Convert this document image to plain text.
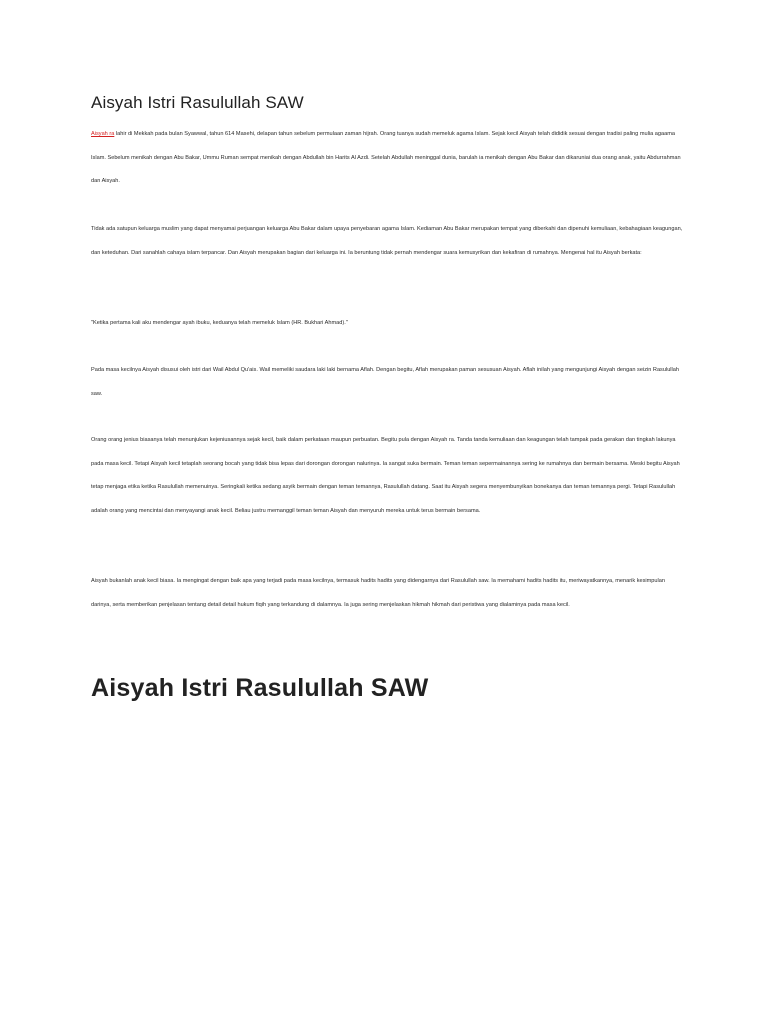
Aisyah Istri Rasulullah SAW

Aisyah ra lahir di Mekkah pada bulan Syawwal, tahun 614 Masehi, delapan tahun sebelum permulaan zaman hijrah. Orang tuanya sudah memeluk agama Islam. Sejak kecil Aisyah telah dididik sesuai dengan tradisi paling mulia agaama Islam. Sebelum menikah dengan Abu Bakar, Ummu Ruman sempat menikah dengan Abdullah bin Harits Al Azdi. Setelah Abdullah meninggal dunia, barulah ia menikah dengan Abu Bakar dan dikaruniai dua orang anak, yaitu Abdurrahman dan Aisyah.

Tidak ada satupun keluarga muslim yang dapat menyamai perjuangan keluarga Abu Bakar dalam upaya penyebaran agama Islam. Kediaman Abu Bakar merupakan tempat yang diberkahi dan dipenuhi kemuliaan, kebahagiaan keagungan, dan keteduhan. Dari sanahlah cahaya islam terpancar. Dan Aisyah merupakan bagian dari keluarga ini. Ia beruntung tidak pernah mendengar suara kemusyrikan dan kekafiran di rumahnya. Mengenai hal itu Aisyah berkata:

"Ketika pertama kali aku mendengar ayah ibuku, keduanya telah memeluk Islam (HR. Bukhari Ahmad)."

Pada masa kecilnya Aisyah disusui oleh istri dari Wail Abdul Qu'ais. Wail memeliki saudara laki laki bernama Aflah. Dengan begitu, Aflah merupakan paman sesusuan Aisyah. Aflah inilah yang mengunjungi Aisyah dengan seizin Rasulullah saw.

Orang orang jenius biasanya telah menunjukan kejeniusannya sejak kecil, baik dalam perkataan maupun perbuatan. Begitu pula dengan Aisyah ra. Tanda tanda kemuliaan dan keagungan telah tampak pada gerakan dan tingkah lakunya pada masa kecil. Tetapi Aisyah kecil tetaplah seorang bocah yang tidak bisa lepas dari dorongan dorongan nalurinya. Ia sangat suka bermain. Teman teman sepermainannya sering ke rumahnya dan bermain bersama. Meski begitu Aisyah tetap menjaga etika ketika Rasulullah memenuinya. Seringkali ketika sedang asyik bermain dengan teman temannya, Rasulullah datang. Saat itu Aisyah segera menyembunyikan bonekanya dan teman temannya pergi. Tetapi Rasulullah adalah orang yang mencintai dan menyayangi anak kecil. Beliau justru memanggil teman teman Aisyah dan menyuruh mereka untuk terus bermain bersama.

Aisyah bukanlah anak kecil biasa. Ia mengingat dengan baik apa yang terjadi pada masa kecilnya, termasuk hadits hadits yang didengarnya dari Rasulullah saw. Ia memahami hadits hadits itu, meriwayatkannya, menarik kesimpulan darinya, serta memberikan penjelasan tentang detail detail hukum fiqih yang terkandung di dalamnya. Ia juga sering menjelaskan hikmah hikmah dari peristiwa yang dialaminya pada masa kecil.

Aisyah Istri Rasulullah SAW
